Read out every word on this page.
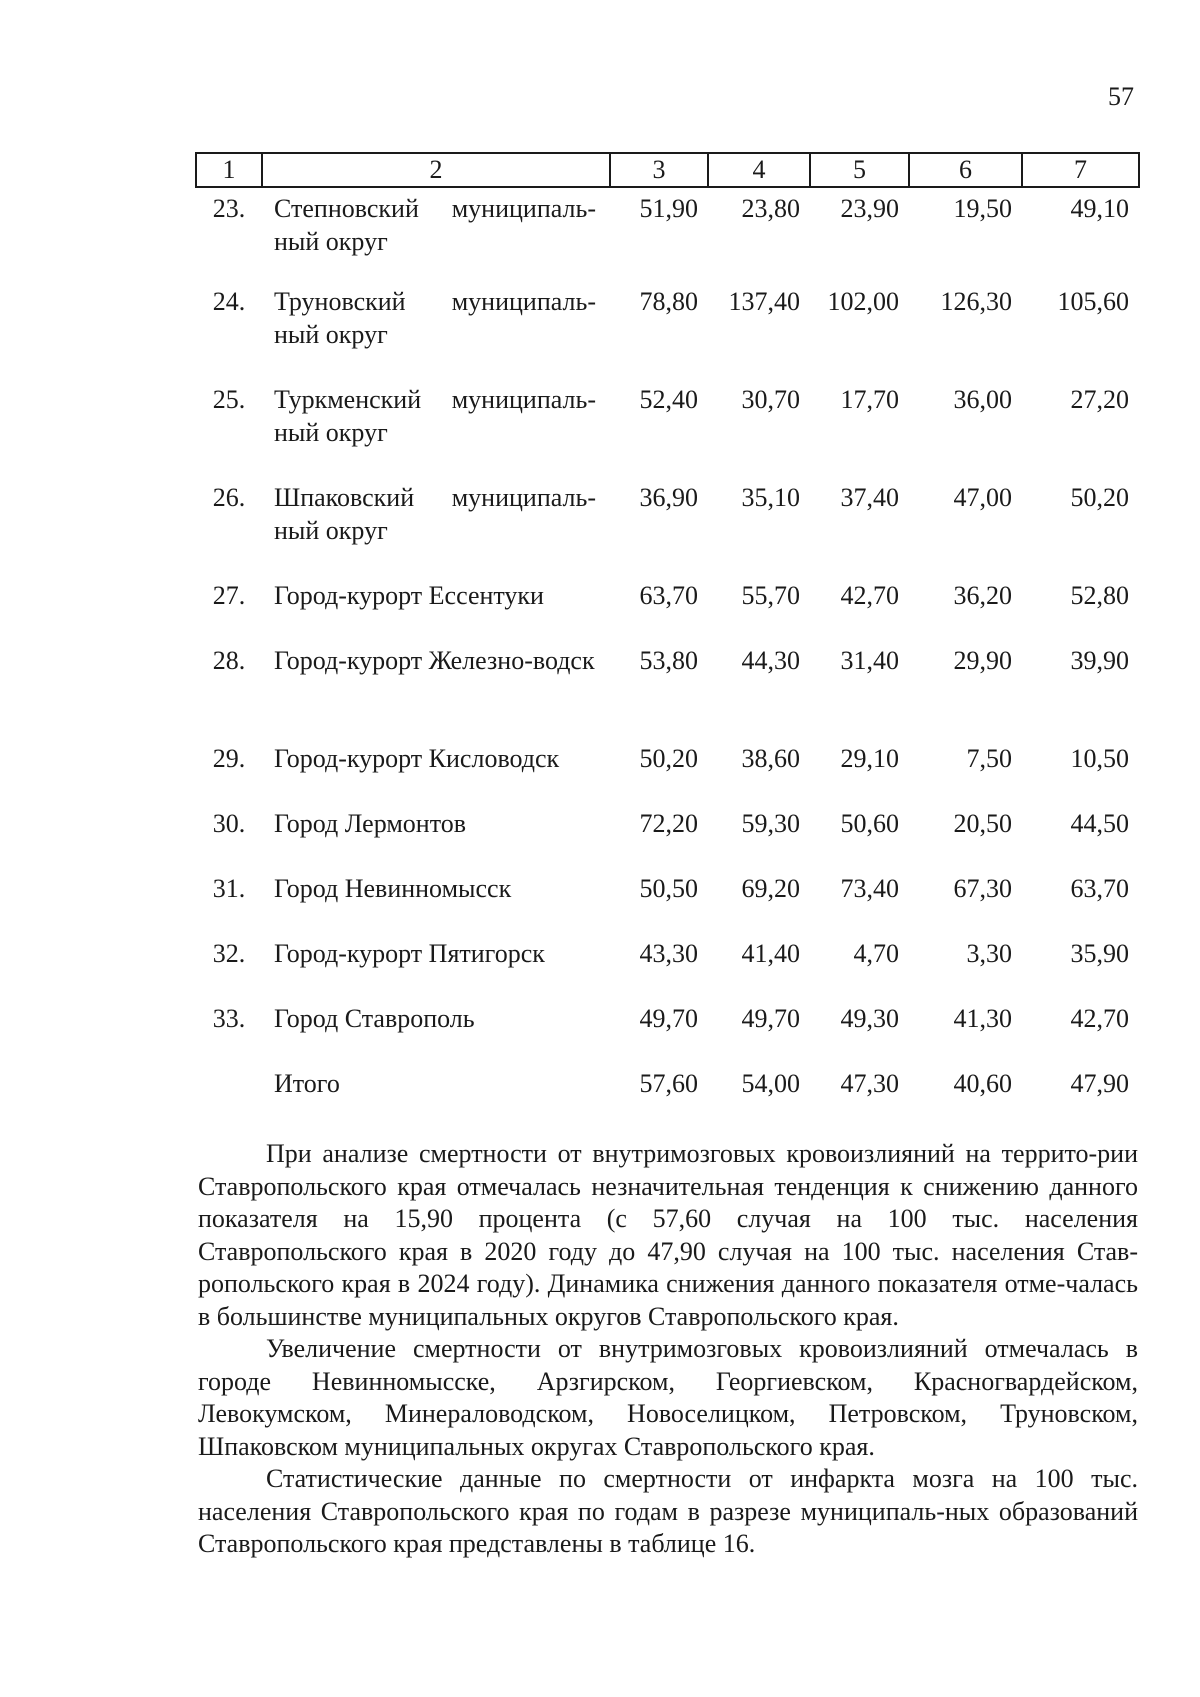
57
1	2	3	4	5	6	7
23.	Степновский муниципаль-ный округ	51,90	23,80	23,90	19,50	49,10
24.	Труновский муниципаль-ный округ	78,80	137,40	102,00	126,30	105,60
25.	Туркменский муниципаль-ный округ	52,40	30,70	17,70	36,00	27,20
26.	Шпаковский муниципаль-ный округ	36,90	35,10	37,40	47,00	50,20
27.	Город-курорт Ессентуки	63,70	55,70	42,70	36,20	52,80
28.	Город-курорт Железно-водск	53,80	44,30	31,40	29,90	39,90
29.	Город-курорт Кисловодск	50,20	38,60	29,10	7,50	10,50
30.	Город Лермонтов	72,20	59,30	50,60	20,50	44,50
31.	Город Невинномысск	50,50	69,20	73,40	67,30	63,70
32.	Город-курорт Пятигорск	43,30	41,40	4,70	3,30	35,90
33.	Город Ставрополь	49,70	49,70	49,30	41,30	42,70
	Итого	57,60	54,00	47,30	40,60	47,90

При анализе смертности от внутримозговых кровоизлияний на террито-рии Ставропольского края отмечалась незначительная тенденция к снижению данного показателя на 15,90 процента (с 57,60 случая на 100 тыс. населения Ставропольского края в 2020 году до 47,90 случая на 100 тыс. населения Став-ропольского края в 2024 году). Динамика снижения данного показателя отме-чалась в большинстве муниципальных округов Ставропольского края.

Увеличение смертности от внутримозговых кровоизлияний отмечалась в городе Невинномысске, Арзгирском, Георгиевском, Красногвардейском, Левокумском, Минераловодском, Новоселицком, Петровском, Труновском, Шпаковском муниципальных округах Ставропольского края.

Статистические данные по смертности от инфаркта мозга на 100 тыс. населения Ставропольского края по годам в разрезе муниципаль-ных образований Ставропольского края представлены в таблице 16.
